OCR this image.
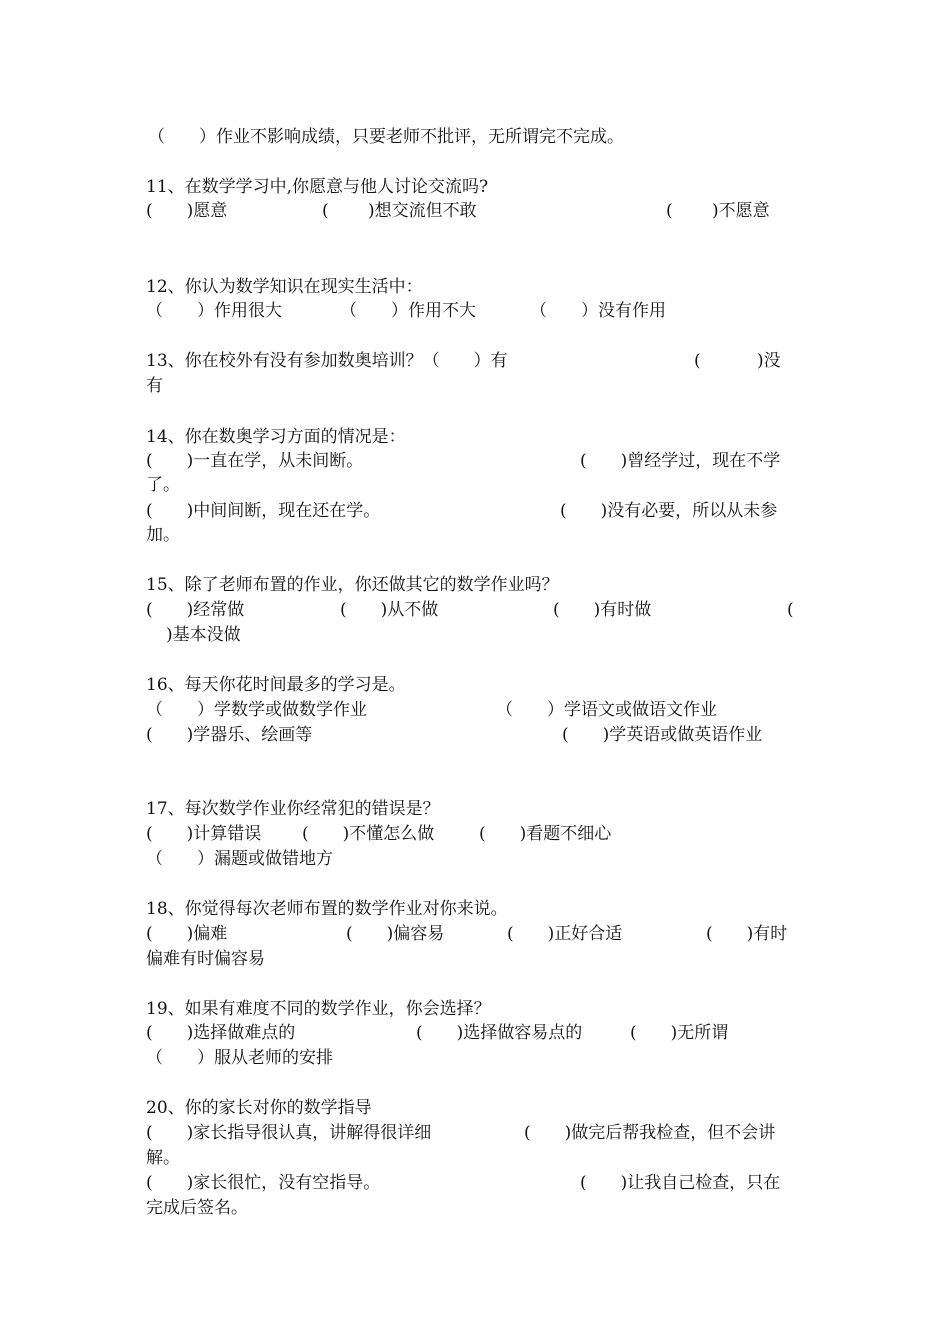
（　　）作业不影响成绩，只要老师不批评，无所谓完不完成。
11、在数学学习中,你愿意与他人讨论交流吗?
(　　)愿意	(　　 )想交流但不敢	(　　 )不愿意
12、你认为数学知识在现实生活中：
（　　）作用很大	（　　）作用不大	（　　）没有作用
13、你在校外有没有参加数奥培训？（　　）有	(　　　 )没
有
14、你在数奥学习方面的情况是：
(　　)一直在学，从未间断。	(　　)曾经学过，现在不学
了。
(　　)中间间断，现在还在学。	(　　)没有必要，所以从未参
加。
15、除了老师布置的作业，你还做其它的数学作业吗？
(　　)经常做	(　　)从不做	(　　)有时做	(
)基本没做
16、每天你花时间最多的学习是。
（　　）学数学或做数学作业	（　　）学语文或做语文作业
(　　)学器乐、绘画等	(　　)学英语或做英语作业
17、每次数学作业你经常犯的错误是？
(　　)计算错误 (　　)不懂怎么做	(　　)看题不细心
（　　）漏题或做错地方
18、你觉得每次老师布置的数学作业对你来说。
(　　)偏难	(　　)偏容易	(　　)正好合适	(　　)有时
偏难有时偏容易
19、如果有难度不同的数学作业，你会选择？
(　　)选择做难点的	(　　)选择做容易点的	(　　)无所谓
（　　）服从老师的安排
20、你的家长对你的数学指导
(　　)家长指导很认真，讲解得很详细	(　　)做完后帮我检查，但不会讲
解。
(　　)家长很忙，没有空指导。	(　　)让我自己检查，只在
完成后签名。
